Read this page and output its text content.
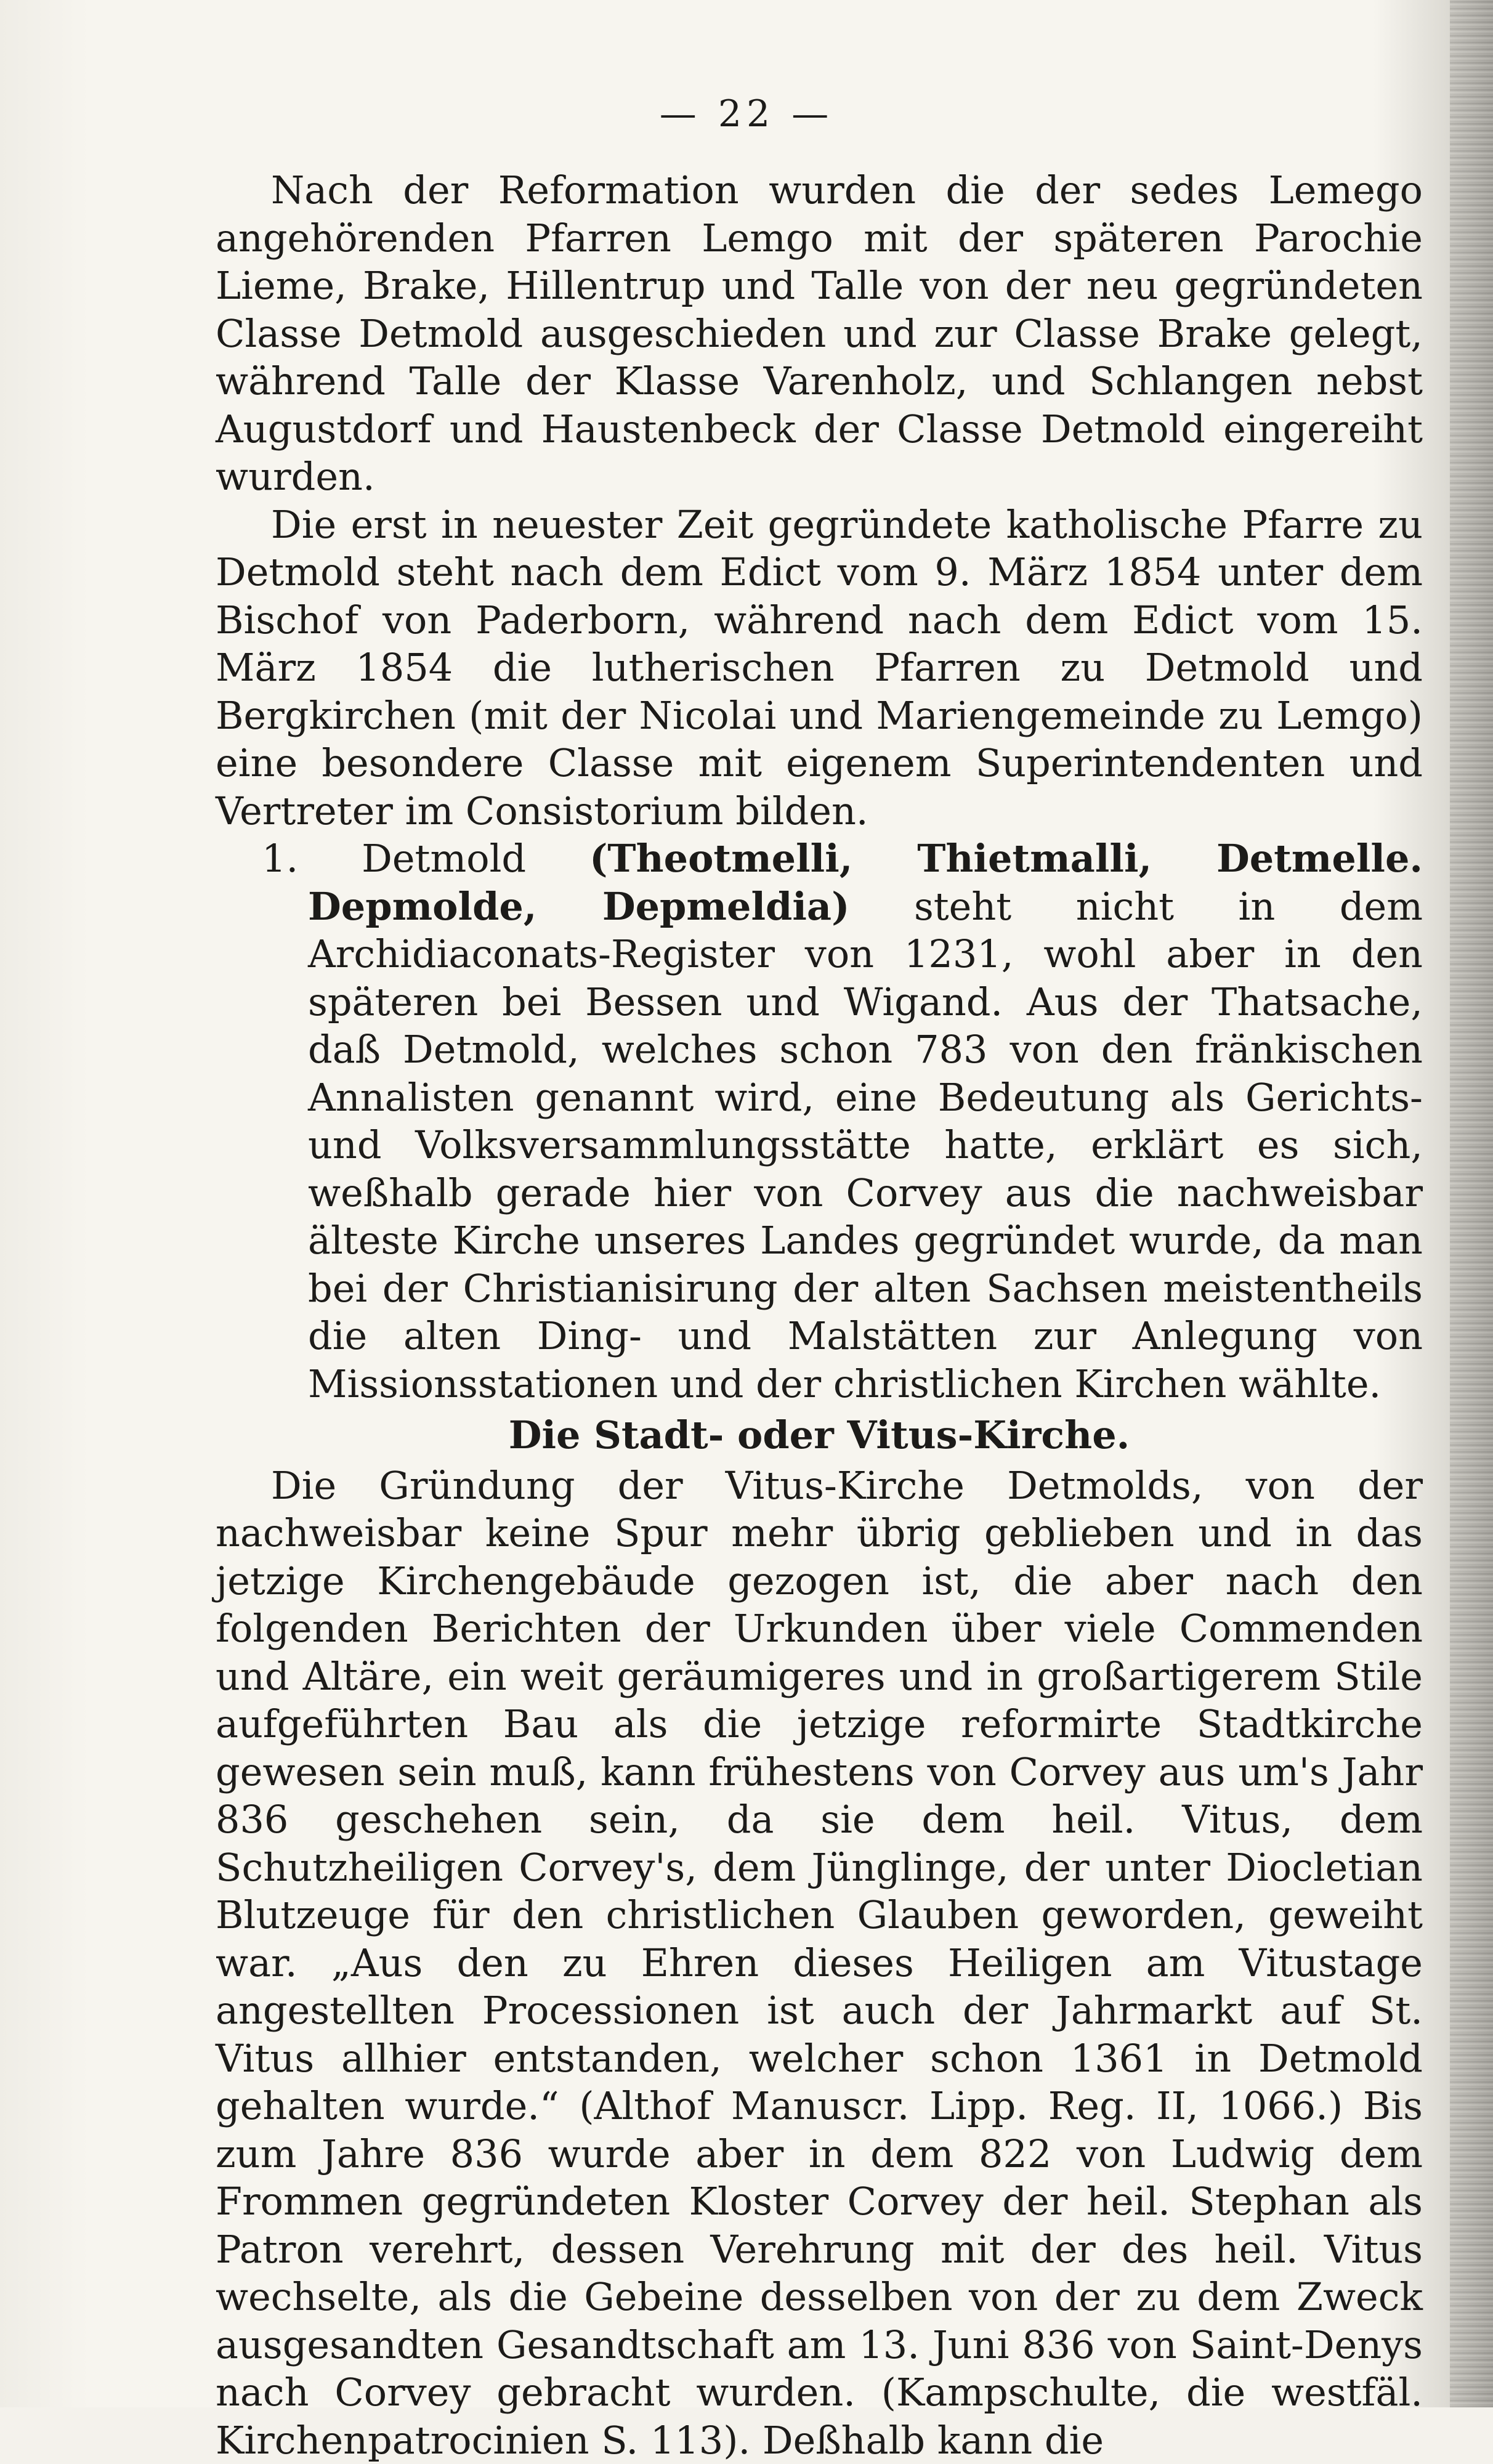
— 22 —

Nach der Reformation wurden die der sedes Lemego angehörenden Pfarren Lemgo mit der späteren Parochie Lieme, Brake, Hillentrup und Talle von der neu gegründeten Classe Detmold ausgeschieden und zur Classe Brake gelegt, während Talle der Klasse Varenholz, und Schlangen nebst Augustdorf und Haustenbeck der Classe Detmold eingereiht wurden.

Die erst in neuester Zeit gegründete katholische Pfarre zu Detmold steht nach dem Edict vom 9. März 1854 unter dem Bischof von Paderborn, während nach dem Edict vom 15. März 1854 die lutherischen Pfarren zu Detmold und Bergkirchen (mit der Nicolai und Mariengemeinde zu Lemgo) eine besondere Classe mit eigenem Superintendenten und Vertreter im Consistorium bilden.

1. Detmold (Theotmelli, Thietmalli, Detmelle. Depmolde, Depmeldia) steht nicht in dem Archidiaconats-Register von 1231, wohl aber in den späteren bei Bessen und Wigand. Aus der Thatsache, daß Detmold, welches schon 783 von den fränkischen Annalisten genannt wird, eine Bedeutung als Gerichts- und Volksversammlungsstätte hatte, erklärt es sich, weßhalb gerade hier von Corvey aus die nachweisbar älteste Kirche unseres Landes gegründet wurde, da man bei der Christianisirung der alten Sachsen meistentheils die alten Ding- und Malstätten zur Anlegung von Missionsstationen und der christlichen Kirchen wählte.

Die Stadt- oder Vitus-Kirche.

Die Gründung der Vitus-Kirche Detmolds, von der nachweisbar keine Spur mehr übrig geblieben und in das jetzige Kirchengebäude gezogen ist, die aber nach den folgenden Berichten der Urkunden über viele Commenden und Altäre, ein weit geräumigeres und in großartigerem Stile aufgeführten Bau als die jetzige reformirte Stadtkirche gewesen sein muß, kann frühestens von Corvey aus um's Jahr 836 geschehen sein, da sie dem heil. Vitus, dem Schutzheiligen Corvey's, dem Jünglinge, der unter Diocletian Blutzeuge für den christlichen Glauben geworden, geweiht war. „Aus den zu Ehren dieses Heiligen am Vitustage angestellten Processionen ist auch der Jahrmarkt auf St. Vitus allhier entstanden, welcher schon 1361 in Detmold gehalten wurde.“ (Althof Manuscr. Lipp. Reg. II, 1066.) Bis zum Jahre 836 wurde aber in dem 822 von Ludwig dem Frommen gegründeten Kloster Corvey der heil. Stephan als Patron verehrt, dessen Verehrung mit der des heil. Vitus wechselte, als die Gebeine desselben von der zu dem Zweck ausgesandten Gesandtschaft am 13. Juni 836 von Saint-Denys nach Corvey gebracht wurden. (Kampschulte, die westfäl. Kirchenpatrocinien S. 113). Deßhalb kann die
